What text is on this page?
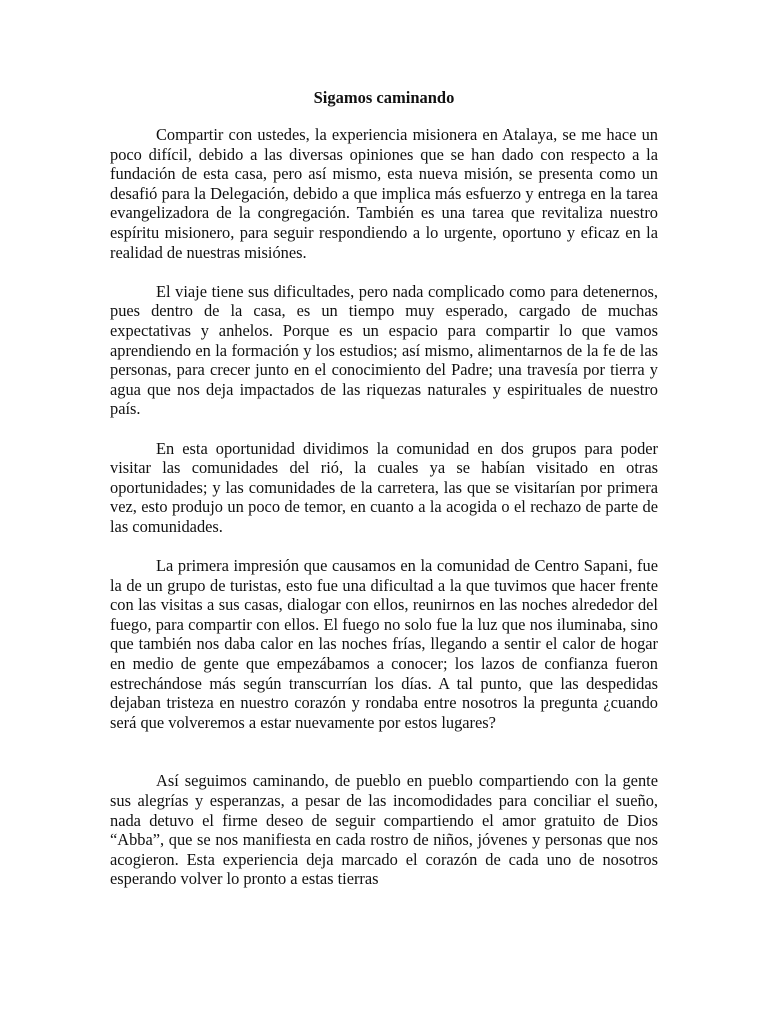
Sigamos caminando

Compartir con ustedes, la experiencia misionera en Atalaya, se me hace un poco difícil, debido a las diversas opiniones que se han dado con respecto a la fundación de esta casa, pero así mismo, esta nueva misión, se presenta como un desafió para la Delegación, debido a que implica más esfuerzo y entrega en la tarea evangelizadora de la congregación. También es una tarea que revitaliza nuestro espíritu misionero, para seguir respondiendo a lo urgente, oportuno y eficaz en la realidad de nuestras misiónes.

El viaje tiene sus dificultades, pero nada complicado como para detenernos, pues dentro de la casa, es un tiempo muy esperado, cargado de muchas expectativas y anhelos. Porque es un espacio para compartir lo que vamos aprendiendo en la formación y los estudios; así mismo, alimentarnos de la fe de las personas, para crecer junto en el conocimiento del Padre; una travesía por tierra y agua que nos deja impactados de las riquezas naturales y espirituales de nuestro país.

En esta oportunidad dividimos la comunidad en dos grupos para poder visitar las comunidades del rió, la cuales ya se habían visitado en otras oportunidades; y las comunidades de la carretera, las que se visitarían por primera vez, esto produjo un poco de temor, en cuanto a la acogida o el rechazo de parte de las comunidades.

La primera impresión que causamos en la comunidad de Centro Sapani, fue la de un grupo de turistas, esto fue una dificultad a la que tuvimos que hacer frente con las visitas a sus casas, dialogar con ellos, reunirnos en las noches alrededor del fuego, para compartir con ellos. El fuego no solo fue la luz que nos iluminaba, sino que también nos daba calor en las noches frías, llegando a sentir el calor de hogar en medio de gente que empezábamos a conocer; los lazos de confianza fueron estrechándose más según transcurrían los días. A tal punto, que las despedidas dejaban tristeza en nuestro corazón y rondaba entre nosotros la pregunta ¿cuando será que volveremos a estar nuevamente por estos lugares?

Así seguimos caminando, de pueblo en pueblo compartiendo con la gente sus alegrías y esperanzas, a pesar de las incomodidades para conciliar el sueño, nada detuvo el firme deseo de seguir compartiendo el amor gratuito de Dios “Abba”, que se nos manifiesta en cada rostro de niños, jóvenes y personas que nos acogieron. Esta experiencia deja marcado el corazón de cada uno de nosotros esperando volver lo pronto a estas tierras
